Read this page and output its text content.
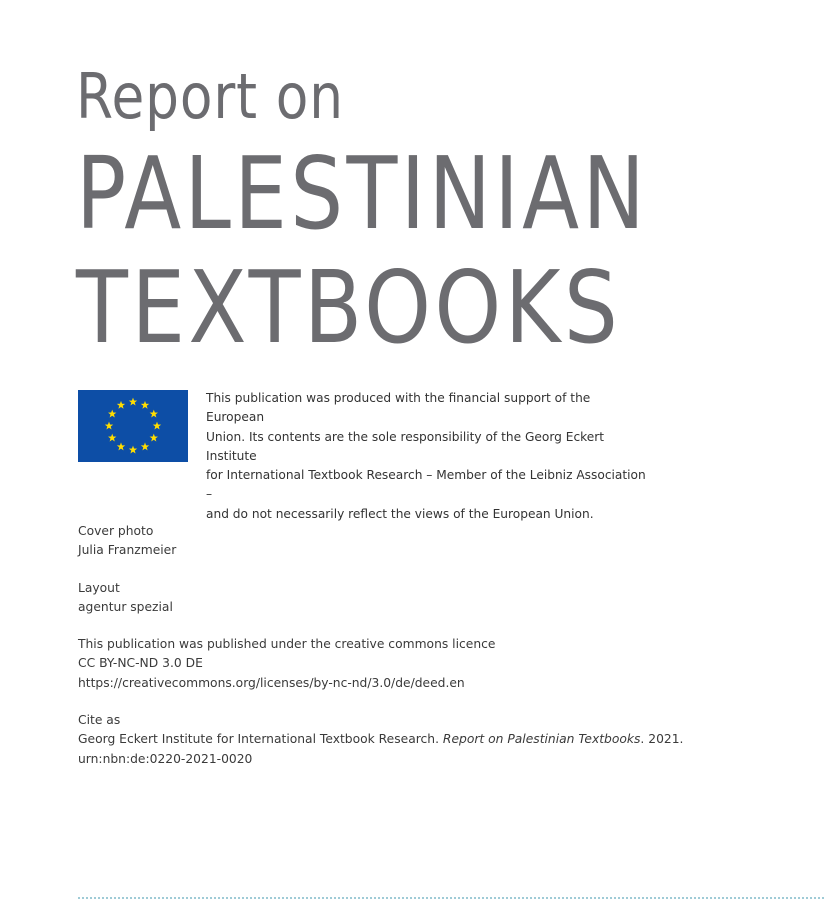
Report on
PALESTINIAN
TEXTBOOKS
This publication was produced with the financial support of the European
Union. Its contents are the sole responsibility of the Georg Eckert Institute
for International Textbook Research – Member of the Leibniz Association –
and do not necessarily reflect the views of the European Union.
Cover photo
Julia Franzmeier
Layout
agentur spezial
This publication was published under the creative commons licence
CC BY-NC-ND 3.0 DE
https://creativecommons.org/licenses/by-nc-nd/3.0/de/deed.en
Cite as
Georg Eckert Institute for International Textbook Research. Report on Palestinian Textbooks. 2021.
urn:nbn:de:0220-2021-0020
